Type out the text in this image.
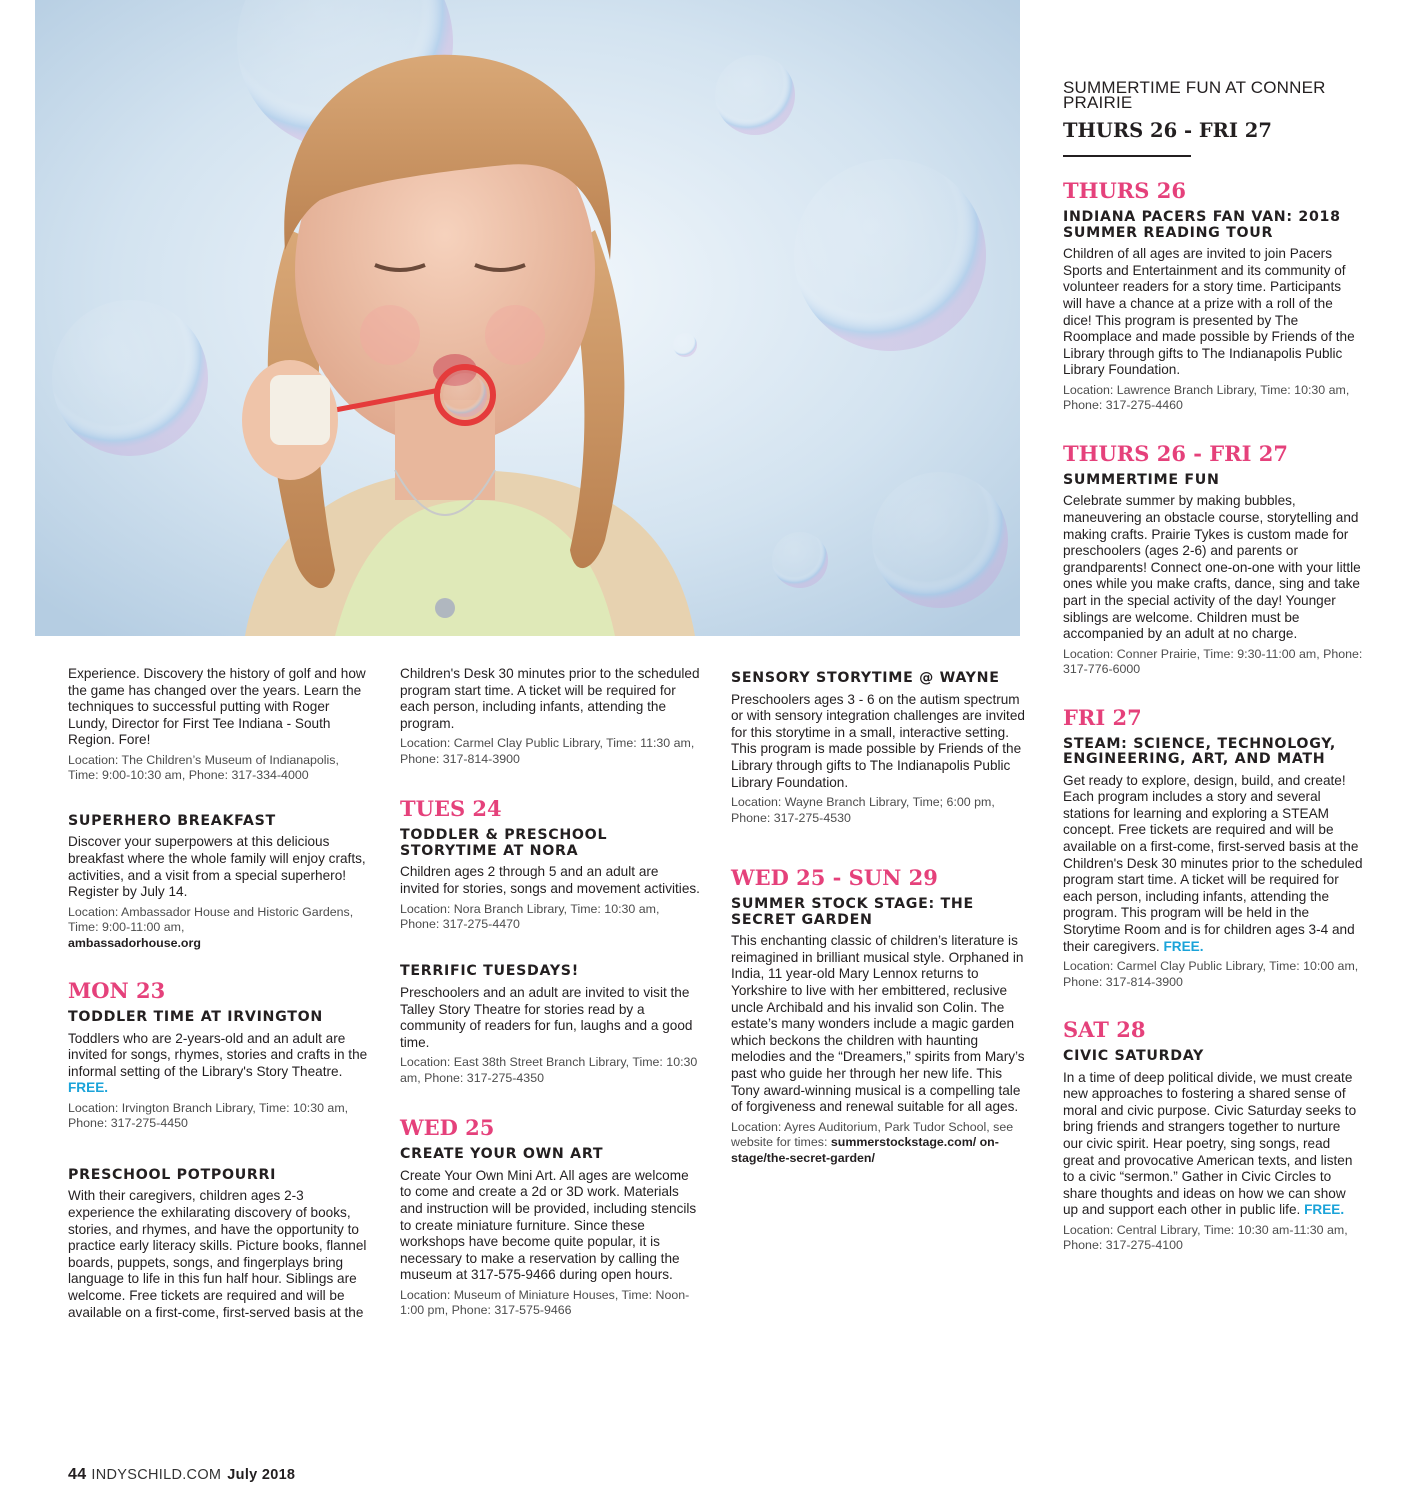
Experience. Discovery the history of golf and how the game has changed over the years. Learn the techniques to successful putting with Roger Lundy, Director for First Tee Indiana - South Region. Fore!

Location: The Children’s Museum of Indianapolis, Time: 9:00-10:30 am, Phone: 317-334-4000

SUPERHERO BREAKFAST

Discover your superpowers at this delicious breakfast where the whole family will enjoy crafts, activities, and a visit from a special superhero! Register by July 14.

Location: Ambassador House and Historic Gardens, Time: 9:00-11:00 am,
ambassadorhouse.org

MON 23
TODDLER TIME AT IRVINGTON

Toddlers who are 2-years-old and an adult are invited for songs, rhymes, stories and crafts in the informal setting of the Library's Story Theatre. FREE.

Location: Irvington Branch Library, Time: 10:30 am, Phone: 317-275-4450

PRESCHOOL POTPOURRI

With their caregivers, children ages 2-3 experience the exhilarating discovery of books, stories, and rhymes, and have the opportunity to practice early literacy skills. Picture books, flannel boards, puppets, songs, and fingerplays bring language to life in this fun half hour. Siblings are welcome. Free tickets are required and will be available on a first-come, first-served basis at the

Children's Desk 30 minutes prior to the scheduled program start time. A ticket will be required for each person, including infants, attending the program.

Location: Carmel Clay Public Library, Time: 11:30 am, Phone: 317-814-3900

TUES 24
TODDLER & PRESCHOOL STORYTIME AT NORA

Children ages 2 through 5 and an adult are invited for stories, songs and movement activities.

Location: Nora Branch Library, Time: 10:30 am, Phone: 317-275-4470

TERRIFIC TUESDAYS!

Preschoolers and an adult are invited to visit the Talley Story Theatre for stories read by a community of readers for fun, laughs and a good time.

Location: East 38th Street Branch Library, Time: 10:30 am, Phone: 317-275-4350

WED 25
CREATE YOUR OWN ART

Create Your Own Mini Art. All ages are welcome to come and create a 2d or 3D work. Materials and instruction will be provided, including stencils to create miniature furniture. Since these workshops have become quite popular, it is necessary to make a reservation by calling the museum at 317-575-9466 during open hours.

Location: Museum of Miniature Houses, Time: Noon-1:00 pm, Phone: 317-575-9466

SENSORY STORYTIME @ WAYNE

Preschoolers ages 3 - 6 on the autism spectrum or with sensory integration challenges are invited for this storytime in a small, interactive setting. This program is made possible by Friends of the Library through gifts to The Indianapolis Public Library Foundation.

Location: Wayne Branch Library, Time; 6:00 pm, Phone: 317-275-4530

WED 25 - SUN 29
SUMMER STOCK STAGE: THE SECRET GARDEN

This enchanting classic of children’s literature is reimagined in brilliant musical style. Orphaned in India, 11 year-old Mary Lennox returns to Yorkshire to live with her embittered, reclusive uncle Archibald and his invalid son Colin. The estate’s many wonders include a magic garden which beckons the children with haunting melodies and the “Dreamers,” spirits from Mary’s past who guide her through her new life. This Tony award-winning musical is a compelling tale of forgiveness and renewal suitable for all ages.

Location: Ayres Auditorium, Park Tudor School, see website for times: summerstockstage.com/ on-stage/the-secret-garden/

SUMMERTIME FUN AT CONNER PRAIRIE
THURS 26 - FRI 27
THURS 26
INDIANA PACERS FAN VAN: 2018 SUMMER READING TOUR

Children of all ages are invited to join Pacers Sports and Entertainment and its community of volunteer readers for a story time. Participants will have a chance at a prize with a roll of the dice! This program is presented by The Roomplace and made possible by Friends of the Library through gifts to The Indianapolis Public Library Foundation.

Location: Lawrence Branch Library, Time: 10:30 am, Phone: 317-275-4460

THURS 26 - FRI 27
SUMMERTIME FUN

Celebrate summer by making bubbles, maneuvering an obstacle course, storytelling and making crafts. Prairie Tykes is custom made for preschoolers (ages 2-6) and parents or grandparents! Connect one-on-one with your little ones while you make crafts, dance, sing and take part in the special activity of the day! Younger siblings are welcome. Children must be accompanied by an adult at no charge.

Location: Conner Prairie, Time: 9:30-11:00 am, Phone: 317-776-6000

FRI 27
STEAM: SCIENCE, TECHNOLOGY, ENGINEERING, ART, AND MATH

Get ready to explore, design, build, and create! Each program includes a story and several stations for learning and exploring a STEAM concept. Free tickets are required and will be available on a first-come, first-served basis at the Children's Desk 30 minutes prior to the scheduled program start time. A ticket will be required for each person, including infants, attending the program. This program will be held in the Storytime Room and is for children ages 3-4 and their caregivers. FREE.

Location: Carmel Clay Public Library, Time: 10:00 am, Phone: 317-814-3900

SAT 28
CIVIC SATURDAY

In a time of deep political divide, we must create new approaches to fostering a shared sense of moral and civic purpose. Civic Saturday seeks to bring friends and strangers together to nurture our civic spirit. Hear poetry, sing songs, read great and provocative American texts, and listen to a civic “sermon.” Gather in Civic Circles to share thoughts and ideas on how we can show up and support each other in public life. FREE.

Location: Central Library, Time: 10:30 am-11:30 am, Phone: 317-275-4100

44 INDYSCHILD.COM July 2018
